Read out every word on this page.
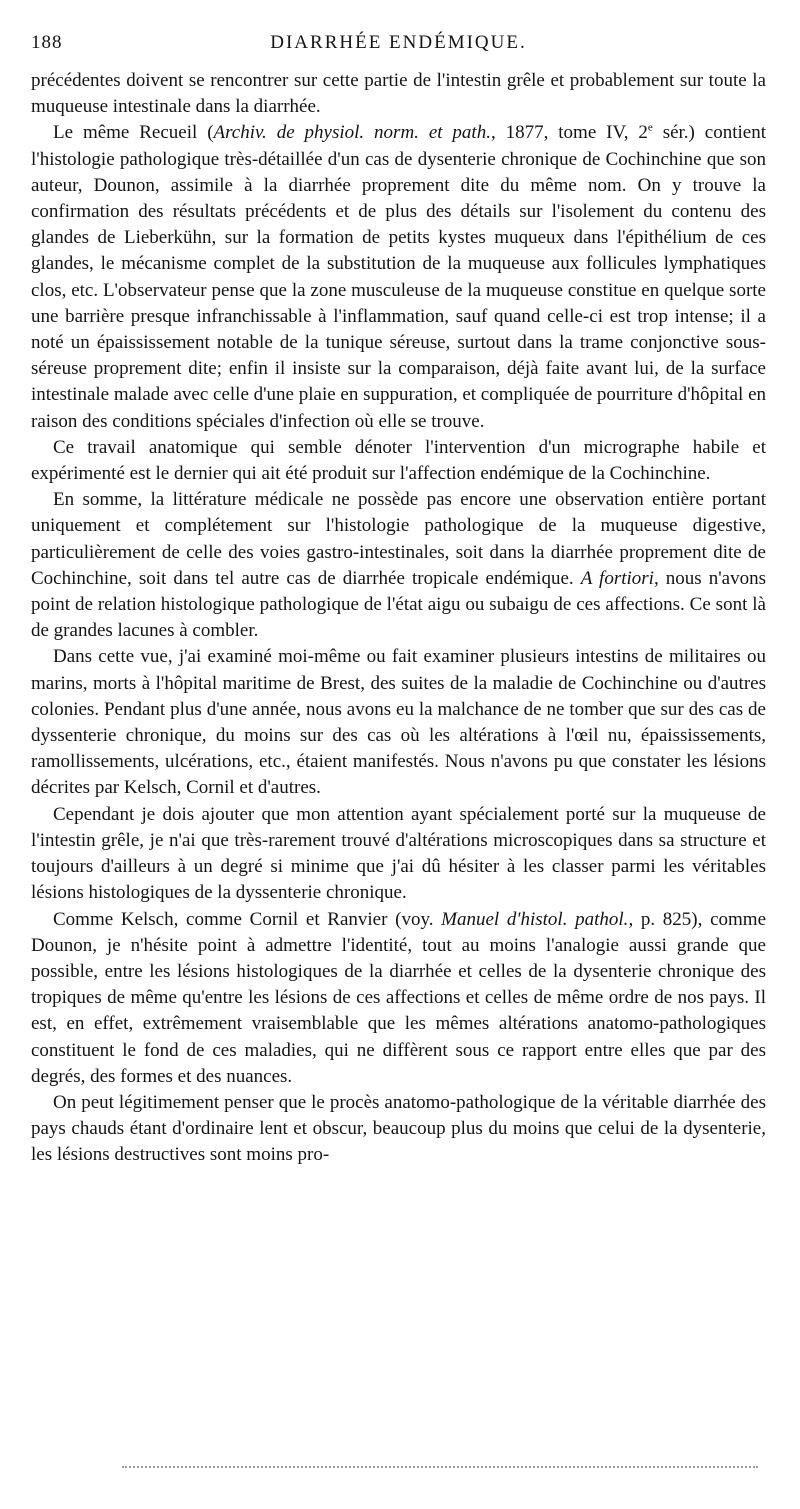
188	DIARRHÉE ENDÉMIQUE.

précédentes doivent se rencontrer sur cette partie de l'intestin grêle et probablement sur toute la muqueuse intestinale dans la diarrhée.

Le même Recueil (Archiv. de physiol. norm. et path., 1877, tome IV, 2e sér.) contient l'histologie pathologique très-détaillée d'un cas de dysenterie chronique de Cochinchine que son auteur, Dounon, assimile à la diarrhée proprement dite du même nom. On y trouve la confirmation des résultats précédents et de plus des détails sur l'isolement du contenu des glandes de Lieberkühn, sur la formation de petits kystes muqueux dans l'épithélium de ces glandes, le mécanisme complet de la substitution de la muqueuse aux follicules lymphatiques clos, etc. L'observateur pense que la zone musculeuse de la muqueuse constitue en quelque sorte une barrière presque infranchissable à l'inflammation, sauf quand celle-ci est trop intense; il a noté un épaississement notable de la tunique séreuse, surtout dans la trame conjonctive sous-séreuse proprement dite; enfin il insiste sur la comparaison, déjà faite avant lui, de la surface intestinale malade avec celle d'une plaie en suppuration, et compliquée de pourriture d'hôpital en raison des conditions spéciales d'infection où elle se trouve.

Ce travail anatomique qui semble dénoter l'intervention d'un micrographe habile et expérimenté est le dernier qui ait été produit sur l'affection endémique de la Cochinchine.

En somme, la littérature médicale ne possède pas encore une observation entière portant uniquement et complétement sur l'histologie pathologique de la muqueuse digestive, particulièrement de celle des voies gastro-intestinales, soit dans la diarrhée proprement dite de Cochinchine, soit dans tel autre cas de diarrhée tropicale endémique. A fortiori, nous n'avons point de relation histologique pathologique de l'état aigu ou subaigu de ces affections. Ce sont là de grandes lacunes à combler.

Dans cette vue, j'ai examiné moi-même ou fait examiner plusieurs intestins de militaires ou marins, morts à l'hôpital maritime de Brest, des suites de la maladie de Cochinchine ou d'autres colonies. Pendant plus d'une année, nous avons eu la malchance de ne tomber que sur des cas de dyssenterie chronique, du moins sur des cas où les altérations à l'œil nu, épaississements, ramollissements, ulcérations, etc., étaient manifestés. Nous n'avons pu que constater les lésions décrites par Kelsch, Cornil et d'autres.

Cependant je dois ajouter que mon attention ayant spécialement porté sur la muqueuse de l'intestin grêle, je n'ai que très-rarement trouvé d'altérations microscopiques dans sa structure et toujours d'ailleurs à un degré si minime que j'ai dû hésiter à les classer parmi les véritables lésions histologiques de la dyssenterie chronique.

Comme Kelsch, comme Cornil et Ranvier (voy. Manuel d'histol. pathol., p. 825), comme Dounon, je n'hésite point à admettre l'identité, tout au moins l'analogie aussi grande que possible, entre les lésions histologiques de la diarrhée et celles de la dysenterie chronique des tropiques de même qu'entre les lésions de ces affections et celles de même ordre de nos pays. Il est, en effet, extrêmement vraisemblable que les mêmes altérations anatomo-pathologiques constituent le fond de ces maladies, qui ne diffèrent sous ce rapport entre elles que par des degrés, des formes et des nuances.

On peut légitimement penser que le procès anatomo-pathologique de la véritable diarrhée des pays chauds étant d'ordinaire lent et obscur, beaucoup plus du moins que celui de la dysenterie, les lésions destructives sont moins pro-
